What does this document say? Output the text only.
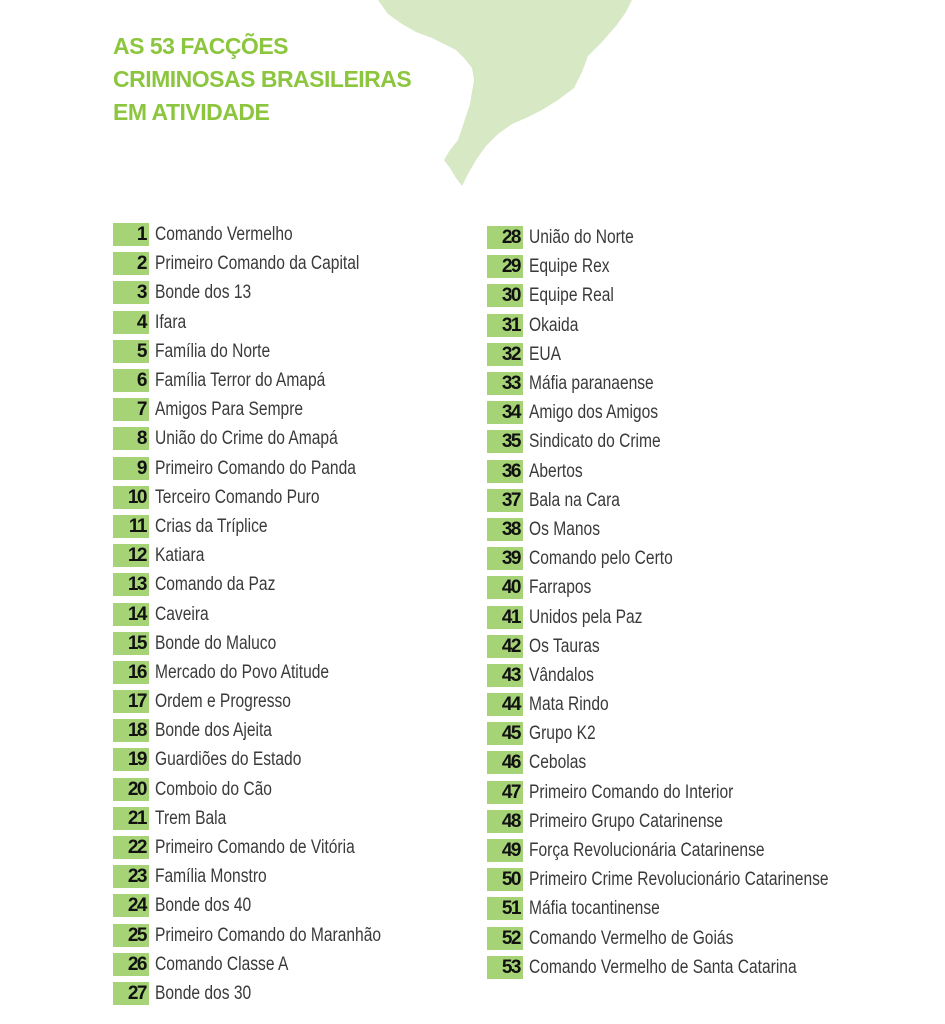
AS 53 FACÇÕES
CRIMINOSAS BRASILEIRAS
EM ATIVIDADE
1 Comando Vermelho
2 Primeiro Comando da Capital
3 Bonde dos 13
4 Ifara
5 Família do Norte
6 Família Terror do Amapá
7 Amigos Para Sempre
8 União do Crime do Amapá
9 Primeiro Comando do Panda
10 Terceiro Comando Puro
11 Crias da Tríplice
12 Katiara
13 Comando da Paz
14 Caveira
15 Bonde do Maluco
16 Mercado do Povo Atitude
17 Ordem e Progresso
18 Bonde dos Ajeita
19 Guardiões do Estado
20 Comboio do Cão
21 Trem Bala
22 Primeiro Comando de Vitória
23 Família Monstro
24 Bonde dos 40
25 Primeiro Comando do Maranhão
26 Comando Classe A
27 Bonde dos 30
28 União do Norte
29 Equipe Rex
30 Equipe Real
31 Okaida
32 EUA
33 Máfia paranaense
34 Amigo dos Amigos
35 Sindicato do Crime
36 Abertos
37 Bala na Cara
38 Os Manos
39 Comando pelo Certo
40 Farrapos
41 Unidos pela Paz
42 Os Tauras
43 Vândalos
44 Mata Rindo
45 Grupo K2
46 Cebolas
47 Primeiro Comando do Interior
48 Primeiro Grupo Catarinense
49 Força Revolucionária Catarinense
50 Primeiro Crime Revolucionário Catarinense
51 Máfia tocantinense
52 Comando Vermelho de Goiás
53 Comando Vermelho de Santa Catarina
